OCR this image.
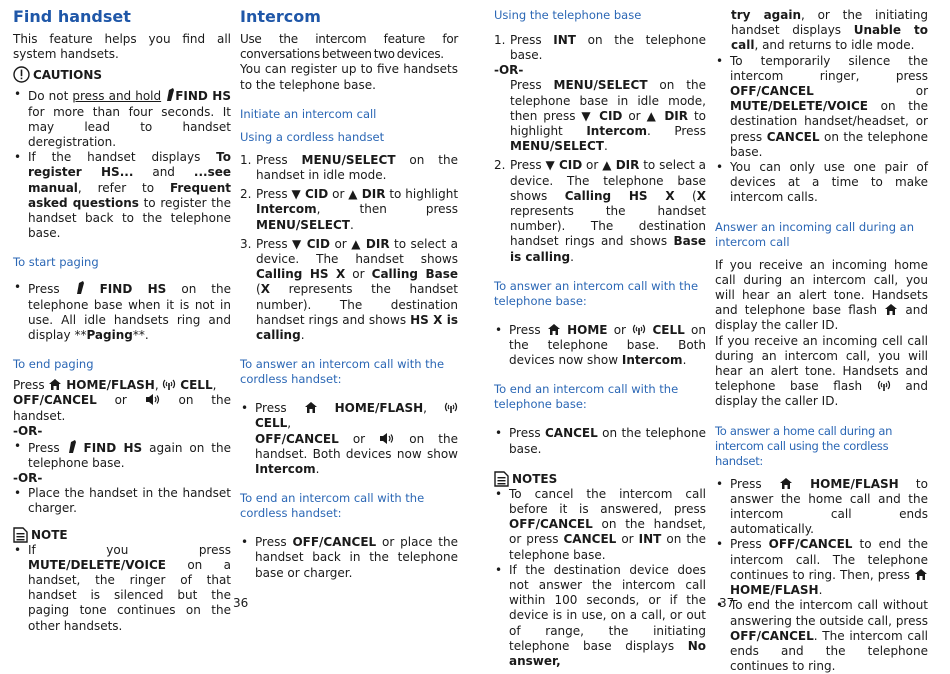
Find handset

This feature helps you find all system handsets.

CAUTIONS
• Do not press and hold FIND HS for more than four seconds. It may lead to handset deregistration.
• If the handset displays To register HS... and ...see manual, refer to Frequent asked questions to register the handset back to the telephone base.
To start paging
• Press  FIND HS on the telephone base when it is not in use. All idle handsets ring and display **Paging**.
To end paging

Press  HOME/FLASH,  CELL,
OFF/CANCEL or  on the handset.

-OR-
• Press  FIND HS again on the telephone base.
-OR-
• Place the handset in the handset charger.
NOTE
• If you press MUTE/DELETE/VOICE on a handset, the ringer of that handset is silenced but the paging tone continues on the other handsets.
Intercom

Use the intercom feature for conversations between two devices.

You can register up to five handsets to the telephone base.

Initiate an intercom call
Using a cordless handset
1. Press MENU/SELECT on the handset in idle mode.
2. Press ▼ CID or ▲ DIR to highlight Intercom, then press MENU/SELECT.
3. Press ▼ CID or ▲ DIR to select a device. The handset shows Calling HS X or Calling Base (X represents the handset number). The destination handset rings and shows HS X is calling.
To answer an intercom call with the cordless handset:
• Press	HOME/FLASH,  CELL,
OFF/CANCEL or  on the handset. Both devices now show Intercom.
To end an intercom call with the cordless handset:
• Press OFF/CANCEL or place the handset back in the telephone base or charger.
36
Using the telephone base
1. Press INT on the telephone base.
-OR-

Press MENU/SELECT on the telephone base in idle mode, then press ▼ CID or ▲ DIR to highlight Intercom. Press MENU/SELECT.

2. Press ▼ CID or ▲ DIR to select a device. The telephone base shows Calling HS X (X represents the handset number). The destination handset rings and shows Base is calling.
To answer an intercom call with the telephone base:
• Press  HOME or  CELL on the telephone base. Both devices now show Intercom.
To end an intercom call with the telephone base:
• Press CANCEL on the telephone base.
NOTES
• To cancel the intercom call before it is answered, press OFF/CANCEL on the handset, or press CANCEL or INT on the telephone base.
• If the destination device does not answer the intercom call within 100 seconds, or if the device is in use, on a call, or out of range, the initiating telephone base displays No answer,
37

try again, or the initiating handset displays Unable to call, and returns to idle mode.

• To temporarily silence the intercom ringer, press OFF/CANCEL or MUTE/DELETE/VOICE on the destination handset/headset, or press CANCEL on the telephone base.
• You can only use one pair of devices at a time to make intercom calls.
Answer an incoming call during an intercom call

If you receive an incoming home call during an intercom call, you will hear an alert tone. Handsets and telephone base flash  and display the caller ID.

If you receive an incoming cell call during an intercom call, you will hear an alert tone. Handsets and telephone base flash  and display the caller ID.

To answer a home call during an intercom call using the cordless handset:
• Press	HOME/FLASH to answer the home call and the intercom call ends automatically.
• Press OFF/CANCEL to end the intercom call. The telephone continues to ring. Then, press  HOME/FLASH.
• To end the intercom call without answering the outside call, press OFF/CANCEL. The intercom call ends and the telephone continues to ring.
